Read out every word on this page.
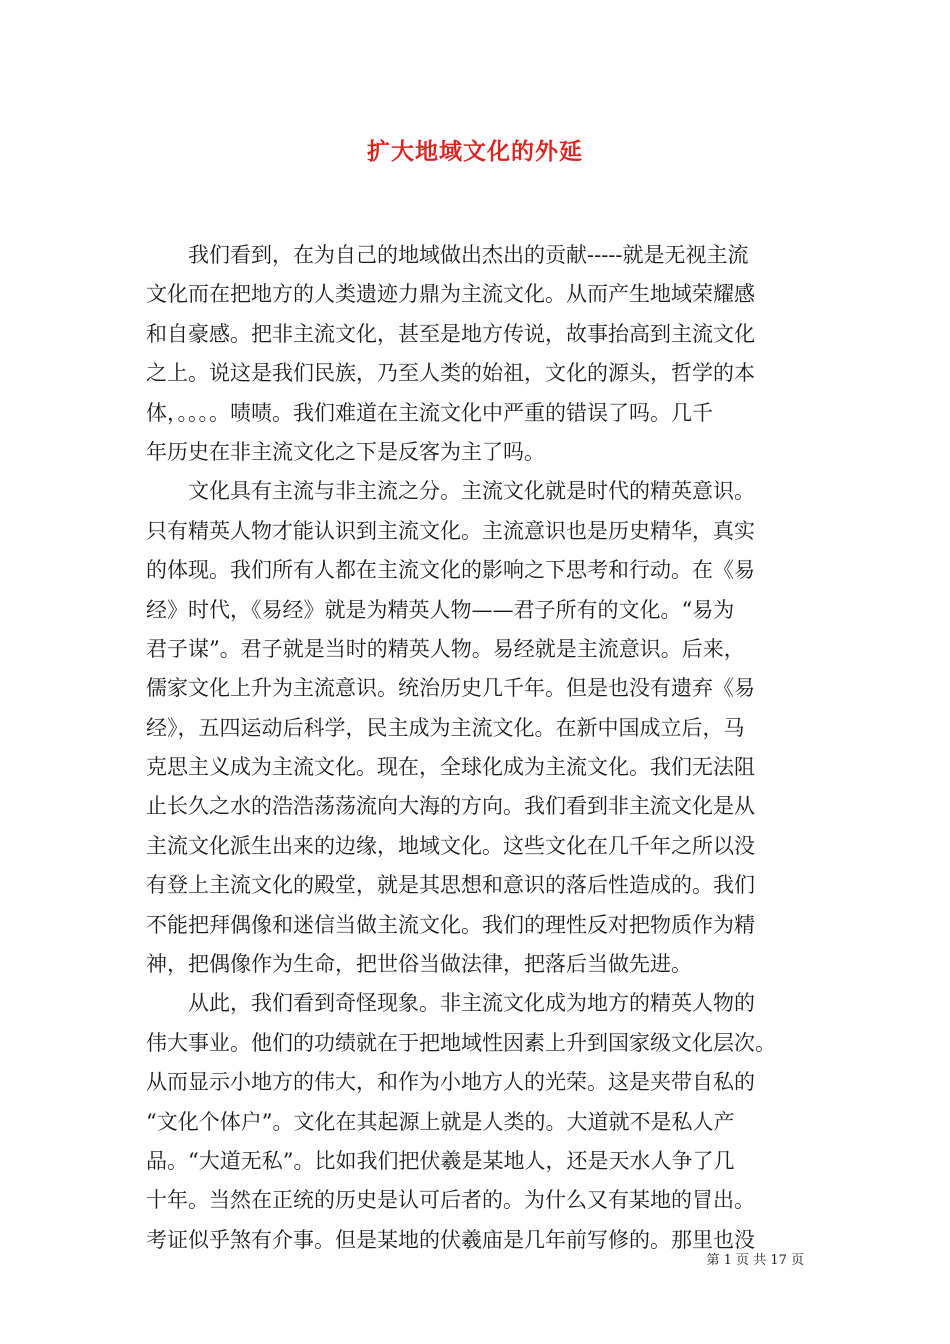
扩大地域文化的外延
我们看到，在为自己的地域做出杰出的贡献-----就是无视主流
文化而在把地方的人类遗迹力鼎为主流文化。从而产生地域荣耀感
和自豪感。把非主流文化，甚至是地方传说，故事抬高到主流文化
之上。说这是我们民族，乃至人类的始祖，文化的源头，哲学的本
体，。。。。啧啧。我们难道在主流文化中严重的错误了吗。几千
年历史在非主流文化之下是反客为主了吗。
文化具有主流与非主流之分。主流文化就是时代的精英意识。
只有精英人物才能认识到主流文化。主流意识也是历史精华，真实
的体现。我们所有人都在主流文化的影响之下思考和行动。在《易
经》时代，《易经》就是为精英人物——君子所有的文化。“易为
君子谋”。君子就是当时的精英人物。易经就是主流意识。后来，
儒家文化上升为主流意识。统治历史几千年。但是也没有遗弃《易
经》，五四运动后科学，民主成为主流文化。在新中国成立后，马
克思主义成为主流文化。现在，全球化成为主流文化。我们无法阻
止长久之水的浩浩荡荡流向大海的方向。我们看到非主流文化是从
主流文化派生出来的边缘，地域文化。这些文化在几千年之所以没
有登上主流文化的殿堂，就是其思想和意识的落后性造成的。我们
不能把拜偶像和迷信当做主流文化。我们的理性反对把物质作为精
神，把偶像作为生命，把世俗当做法律，把落后当做先进。
从此，我们看到奇怪现象。非主流文化成为地方的精英人物的
伟大事业。他们的功绩就在于把地域性因素上升到国家级文化层次。
从而显示小地方的伟大，和作为小地方人的光荣。这是夹带自私的
“文化个体户”。文化在其起源上就是人类的。大道就不是私人产
品。“大道无私”。比如我们把伏羲是某地人，还是天水人争了几
十年。当然在正统的历史是认可后者的。为什么又有某地的冒出。
考证似乎煞有介事。但是某地的伏羲庙是几年前写修的。那里也没
第 1 页 共 17 页
